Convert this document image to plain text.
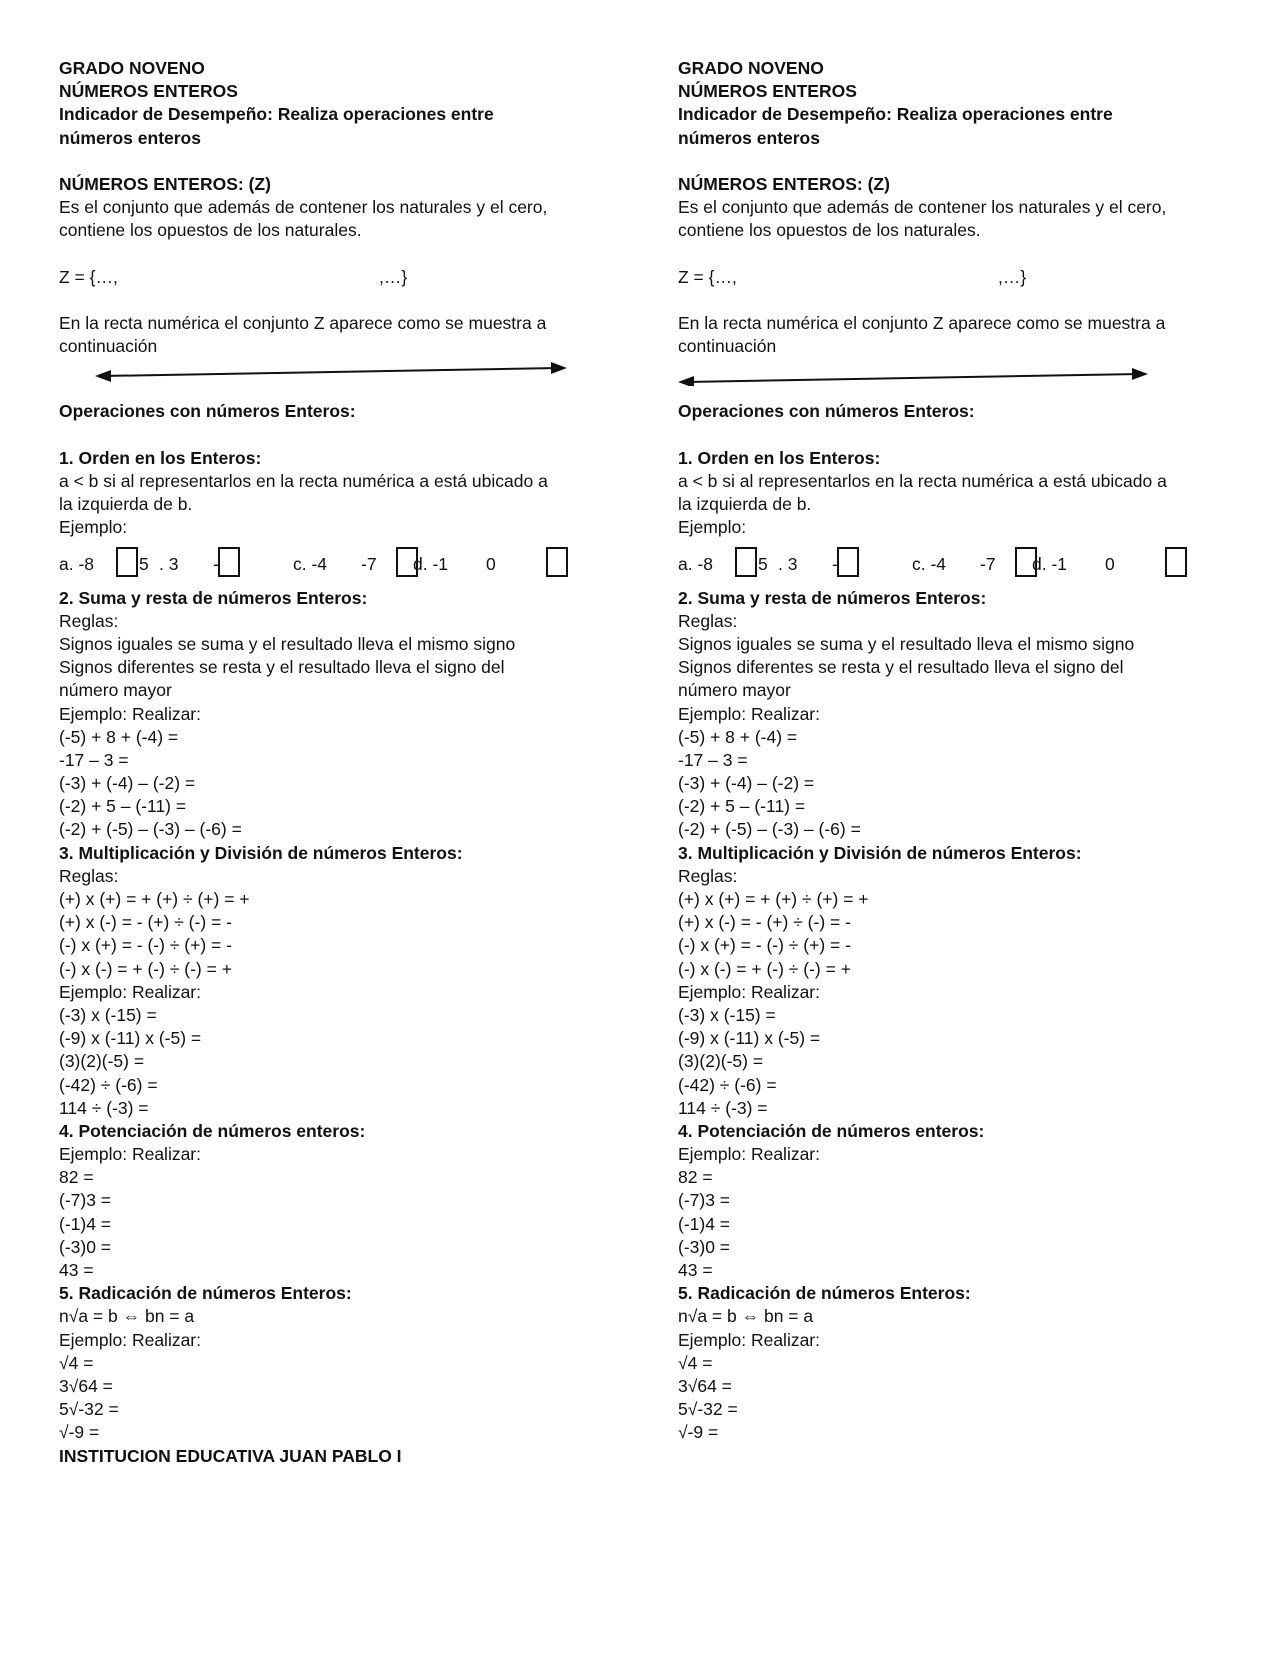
GRADO NOVENO
NÚMEROS ENTEROS
Indicador de Desempeño: Realiza operaciones entre
números enteros
NÚMEROS ENTEROS: (Z)
Es el conjunto que además de contener los naturales y el cero,
contiene los opuestos de los naturales.
Z = {…,	,…}
En la recta numérica el conjunto Z aparece como se muestra a
continuación
Operaciones con números Enteros:
1. Orden en los Enteros:
a < b si al representarlos en la recta numérica a está ubicado a
la izquierda de b.
Ejemplo:
a. -8	5 . 3 -	c. -4 -7 d. -1 0
2. Suma y resta de números Enteros:
Reglas:
Signos iguales se suma y el resultado lleva el mismo signo
Signos diferentes se resta y el resultado lleva el signo del
número mayor
Ejemplo: Realizar:
(-5) + 8 + (-4) =
-17 – 3 =
(-3) + (-4) – (-2) =
(-2) + 5 – (-11) =
(-2) + (-5) – (-3) – (-6) =
3. Multiplicación y División de números Enteros:
Reglas:
(+) x (+) = + (+) ÷ (+) = +
(+) x (-) = - (+) ÷ (-) = -
(-) x (+) = - (-) ÷ (+) = -
(-) x (-) = + (-) ÷ (-) = +
Ejemplo: Realizar:
(-3) x (-15) =
(-9) x (-11) x (-5) =
(3)(2)(-5) =
(-42) ÷ (-6) =
114 ÷ (-3) =
4. Potenciación de números enteros:
Ejemplo: Realizar:
82 =
(-7)3 =
(-1)4 =
(-3)0 =
43 =
5. Radicación de números Enteros:
n√a = b ⇔ bn = a
Ejemplo: Realizar:
√4 =
3√64 =
5√-32 =
√-9 =
INSTITUCION EDUCATIVA JUAN PABLO I
GRADO NOVENO
NÚMEROS ENTEROS
Indicador de Desempeño: Realiza operaciones entre
números enteros
NÚMEROS ENTEROS: (Z)
Es el conjunto que además de contener los naturales y el cero,
contiene los opuestos de los naturales.
Z = {…,	,…}
En la recta numérica el conjunto Z aparece como se muestra a
continuación
Operaciones con números Enteros:
1. Orden en los Enteros:
a < b si al representarlos en la recta numérica a está ubicado a
la izquierda de b.
Ejemplo:
a. -8	5 . 3 -	c. -4 -7 d. -1 0
2. Suma y resta de números Enteros:
Reglas:
Signos iguales se suma y el resultado lleva el mismo signo
Signos diferentes se resta y el resultado lleva el signo del
número mayor
Ejemplo: Realizar:
(-5) + 8 + (-4) =
-17 – 3 =
(-3) + (-4) – (-2) =
(-2) + 5 – (-11) =
(-2) + (-5) – (-3) – (-6) =
3. Multiplicación y División de números Enteros:
Reglas:
(+) x (+) = + (+) ÷ (+) = +
(+) x (-) = - (+) ÷ (-) = -
(-) x (+) = - (-) ÷ (+) = -
(-) x (-) = + (-) ÷ (-) = +
Ejemplo: Realizar:
(-3) x (-15) =
(-9) x (-11) x (-5) =
(3)(2)(-5) =
(-42) ÷ (-6) =
114 ÷ (-3) =
4. Potenciación de números enteros:
Ejemplo: Realizar:
82 =
(-7)3 =
(-1)4 =
(-3)0 =
43 =
5. Radicación de números Enteros:
n√a = b ⇔ bn = a
Ejemplo: Realizar:
√4 =
3√64 =
5√-32 =
√-9 =
